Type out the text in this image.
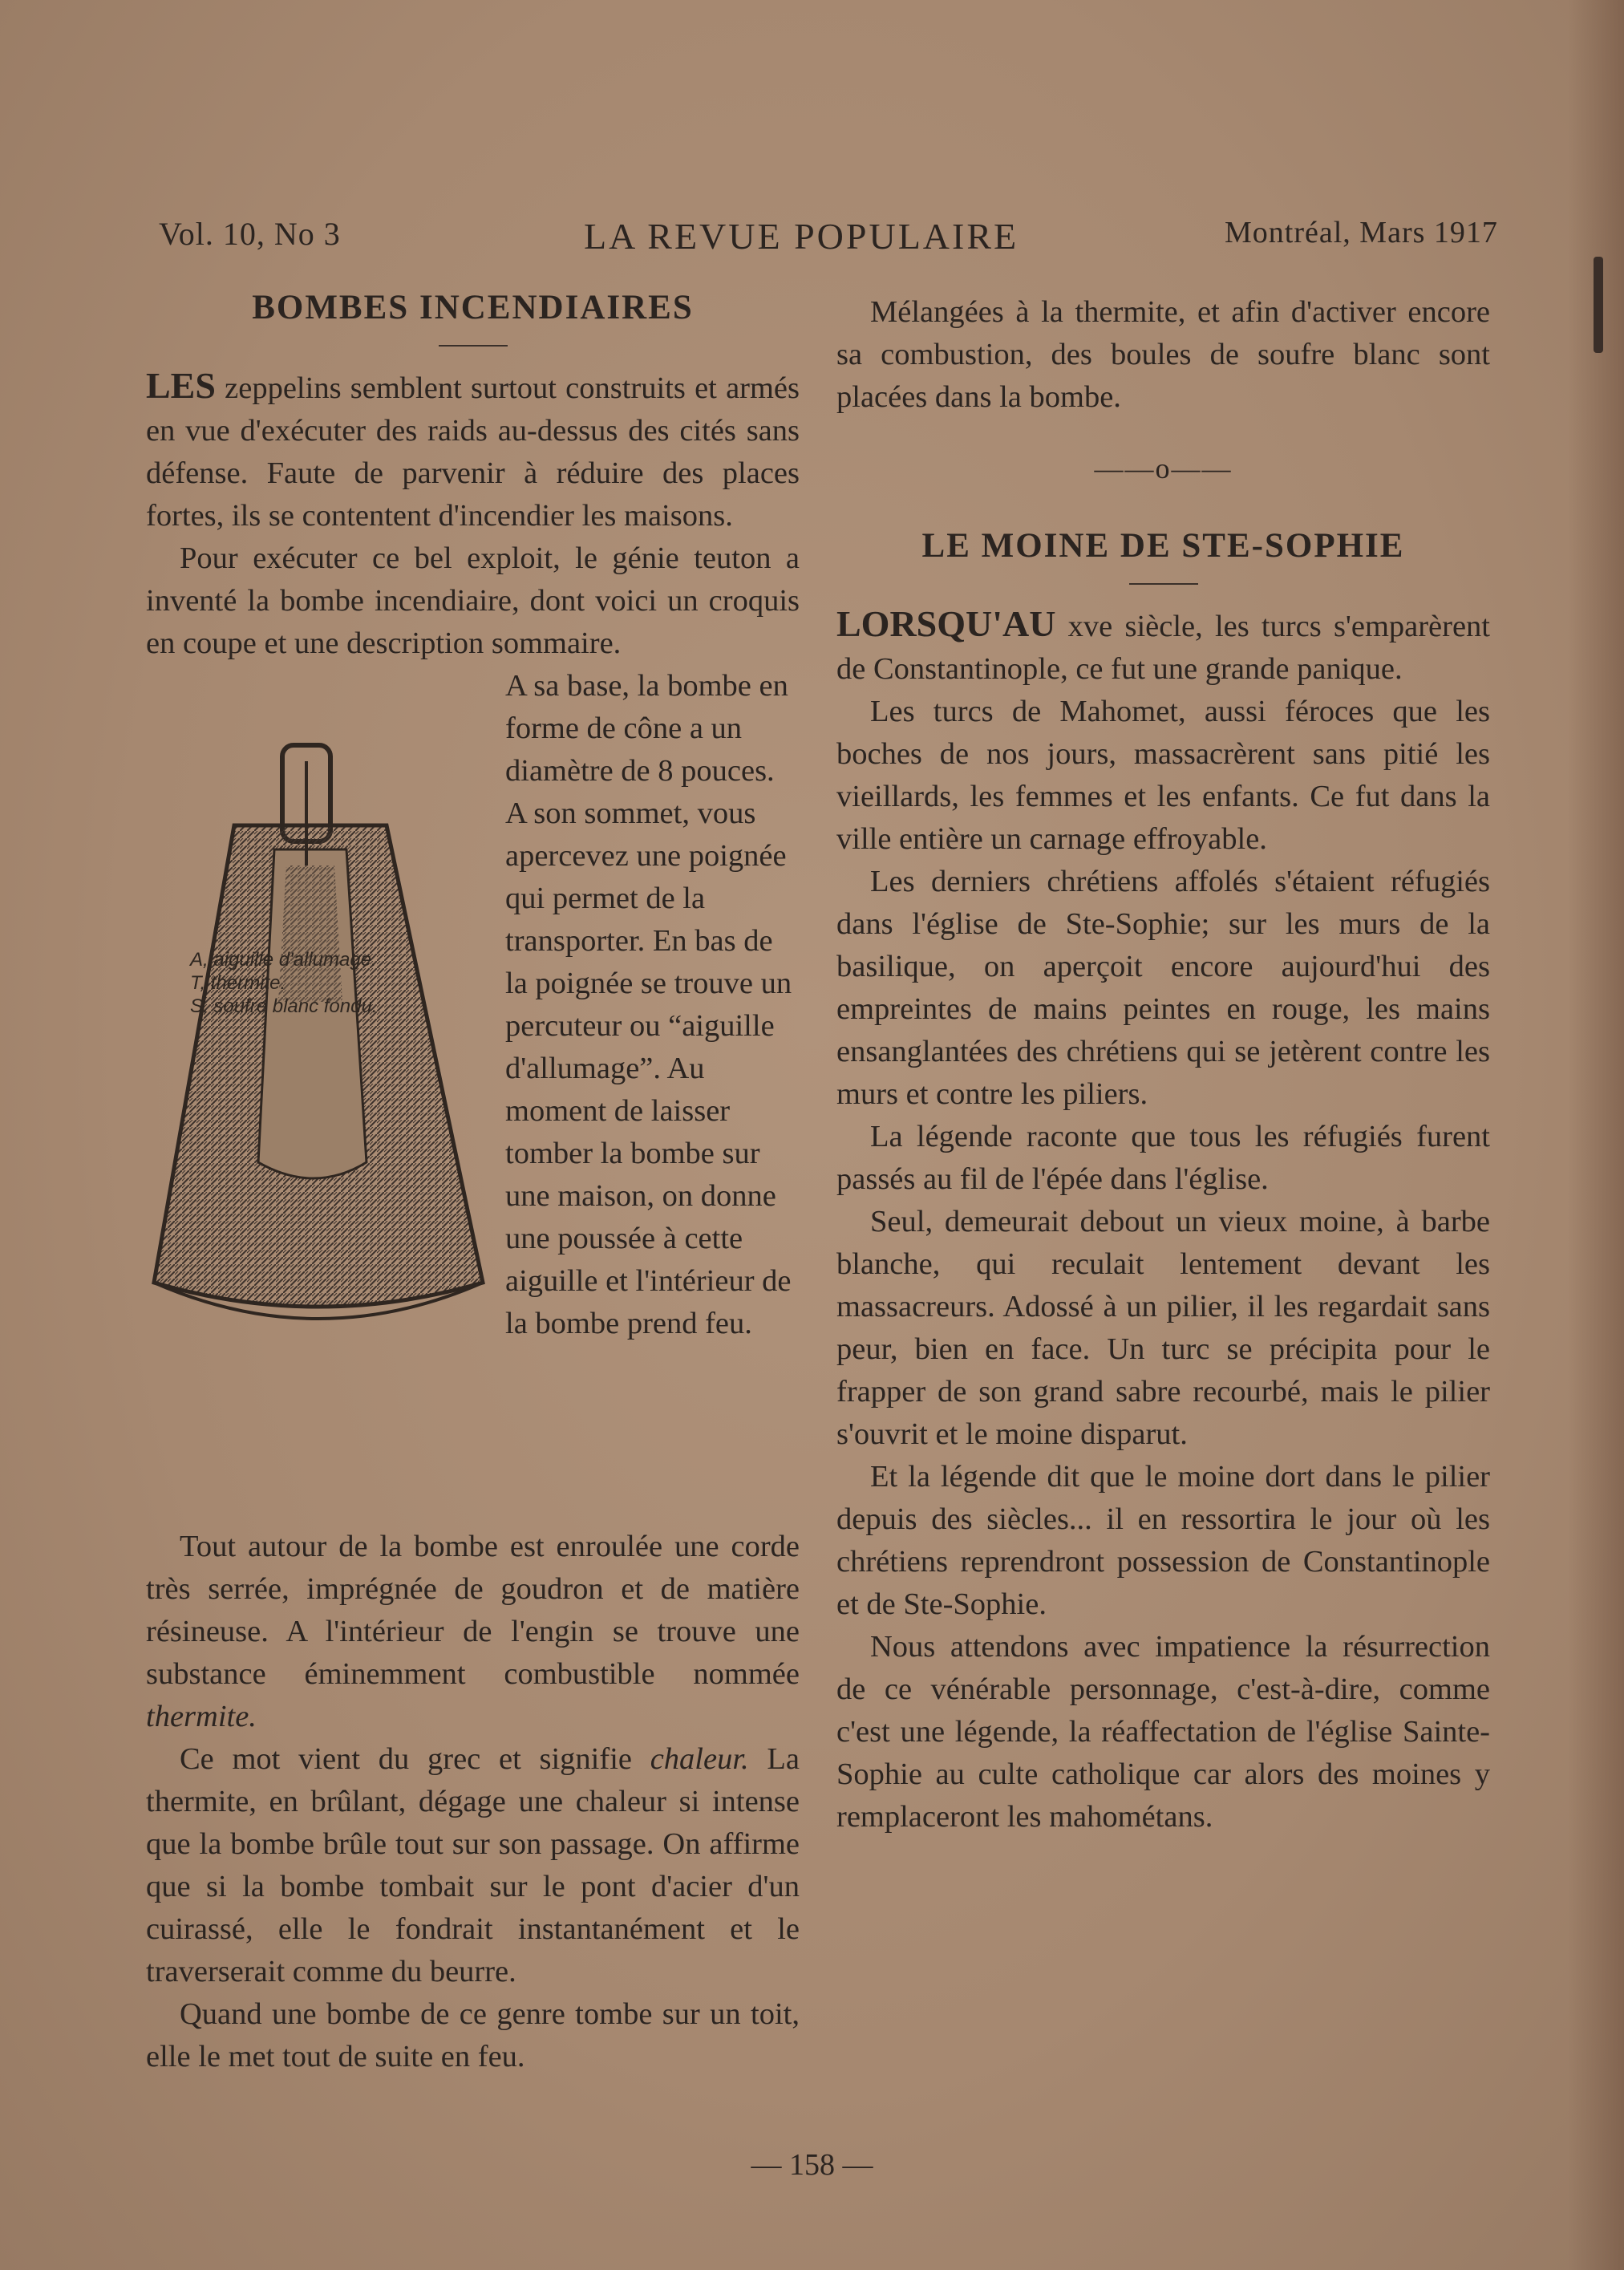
Vol. 10, No 3	LA REVUE POPULAIRE	Montréal, Mars 1917
BOMBES INCENDIAIRES

LES zeppelins semblent surtout construits et armés en vue d'exécuter des raids au-dessus des cités sans défense. Faute de parvenir à réduire des places fortes, ils se contentent d'incendier les maisons.

Pour exécuter ce bel exploit, le génie teuton a inventé la bombe incendiaire, dont voici un croquis en coupe et une description sommaire.

A, aiguille d'allumage.
T, thermite.
S, soufre blanc fondu.
A sa base, la bombe en forme de cône a un diamètre de 8 pouces. A son sommet, vous apercevez une poignée qui permet de la transporter. En bas de la poignée se trouve un percuteur ou “aiguille d'allumage”. Au moment de laisser tomber la bombe sur une maison, on donne une poussée à cette aiguille et l'intérieur de la bombe prend feu.

Tout autour de la bombe est enroulée une corde très serrée, imprégnée de goudron et de matière résineuse. A l'intérieur de l'engin se trouve une substance éminemment combustible nommée thermite.

Ce mot vient du grec et signifie chaleur. La thermite, en brûlant, dégage une chaleur si intense que la bombe brûle tout sur son passage. On affirme que si la bombe tombait sur le pont d'acier d'un cuirassé, elle le fondrait instantanément et le traverserait comme du beurre.

Quand une bombe de ce genre tombe sur un toit, elle le met tout de suite en feu.

Mélangées à la thermite, et afin d'activer encore sa combustion, des boules de soufre blanc sont placées dans la bombe.

——o——
LE MOINE DE STE-SOPHIE

LORSQU'AU xve siècle, les turcs s'emparèrent de Constantinople, ce fut une grande panique.

Les turcs de Mahomet, aussi féroces que les boches de nos jours, massacrèrent sans pitié les vieillards, les femmes et les enfants. Ce fut dans la ville entière un carnage effroyable.

Les derniers chrétiens affolés s'étaient réfugiés dans l'église de Ste-Sophie; sur les murs de la basilique, on aperçoit encore aujourd'hui des empreintes de mains peintes en rouge, les mains ensanglantées des chrétiens qui se jetèrent contre les murs et contre les piliers.

La légende raconte que tous les réfugiés furent passés au fil de l'épée dans l'église.

Seul, demeurait debout un vieux moine, à barbe blanche, qui reculait lentement devant les massacreurs. Adossé à un pilier, il les regardait sans peur, bien en face. Un turc se précipita pour le frapper de son grand sabre recourbé, mais le pilier s'ouvrit et le moine disparut.

Et la légende dit que le moine dort dans le pilier depuis des siècles... il en ressortira le jour où les chrétiens reprendront possession de Constantinople et de Ste-Sophie.

Nous attendons avec impatience la résurrection de ce vénérable personnage, c'est-à-dire, comme c'est une légende, la réaffectation de l'église Sainte-Sophie au culte catholique car alors des moines y remplaceront les mahométans.

— 158 —
